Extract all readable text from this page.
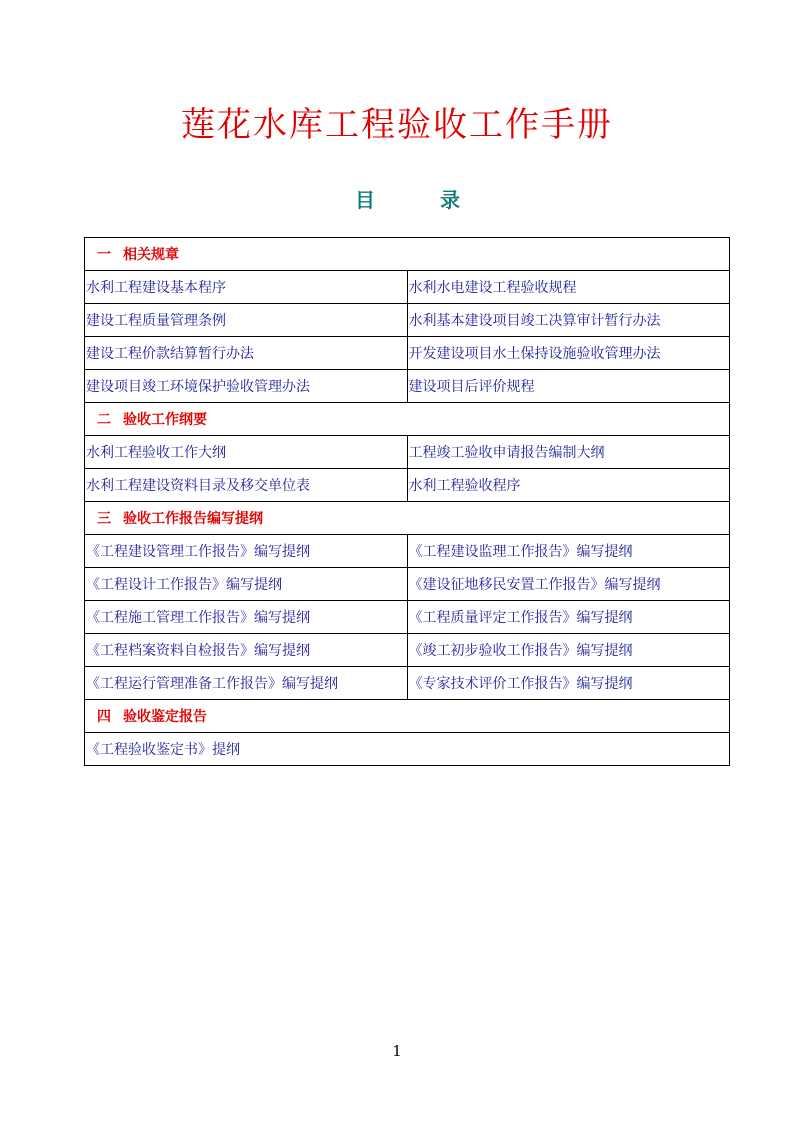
莲花水库工程验收工作手册
目	录
一 相关规章	
水利工程建设基本程序	水利水电建设工程验收规程
建设工程质量管理条例	水利基本建设项目竣工决算审计暂行办法
建设工程价款结算暂行办法	开发建设项目水土保持设施验收管理办法
建设项目竣工环境保护验收管理办法	建设项目后评价规程
二 验收工作纲要	
水利工程验收工作大纲	工程竣工验收申请报告编制大纲
水利工程建设资料目录及移交单位表	水利工程验收程序
三 验收工作报告编写提纲	
《工程建设管理工作报告》编写提纲	《工程建设监理工作报告》编写提纲
《工程设计工作报告》编写提纲	《建设征地移民安置工作报告》编写提纲
《工程施工管理工作报告》编写提纲	《工程质量评定工作报告》编写提纲
《工程档案资料自检报告》编写提纲	《竣工初步验收工作报告》编写提纲
《工程运行管理准备工作报告》编写提纲	《专家技术评价工作报告》编写提纲
四 验收鉴定报告	
《工程验收鉴定书》提纲	
1
